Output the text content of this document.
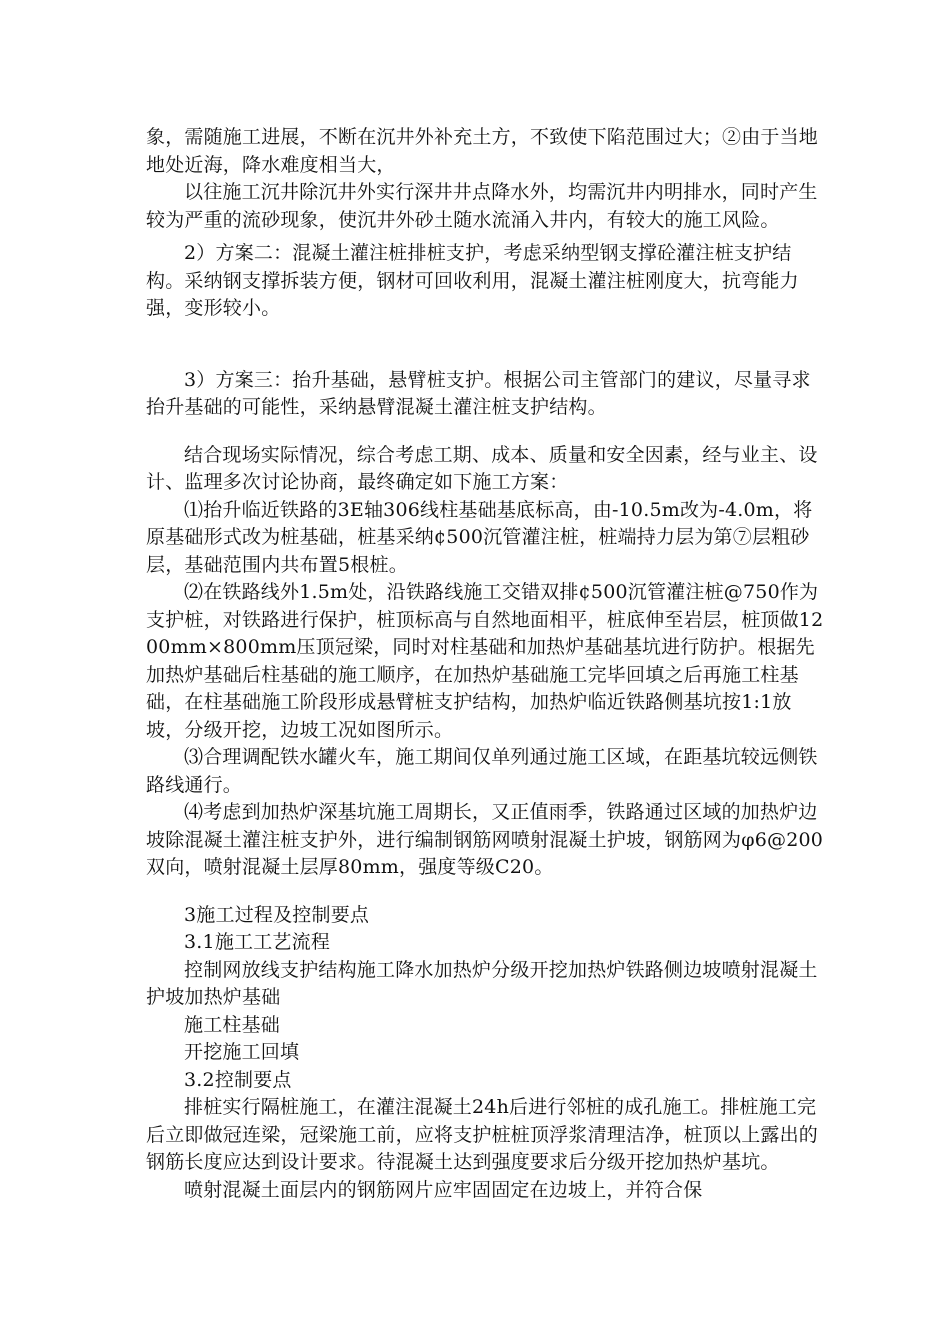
象，需随施工进展，不断在沉井外补充土方，不致使下陷范围过大；②由于当地地处近海，降水难度相当大，

以往施工沉井除沉井外实行深井井点降水外，均需沉井内明排水，同时产生较为严重的流砂现象，使沉井外砂土随水流涌入井内，有较大的施工风险。

2）方案二：混凝土灌注桩排桩支护，考虑采纳型钢支撑砼灌注桩支护结构。采纳钢支撑拆装方便，钢材可回收利用，混凝土灌注桩刚度大，抗弯能力强，变形较小。

3）方案三：抬升基础，悬臂桩支护。根据公司主管部门的建议，尽量寻求抬升基础的可能性，采纳悬臂混凝土灌注桩支护结构。

结合现场实际情况，综合考虑工期、成本、质量和安全因素，经与业主、设计、监理多次讨论协商，最终确定如下施工方案：

⑴抬升临近铁路的3E轴306线柱基础基底标高，由-10.5m改为-4.0m，将原基础形式改为桩基础，桩基采纳¢500沉管灌注桩，桩端持力层为第⑦层粗砂层，基础范围内共布置5根桩。

⑵在铁路线外1.5m处，沿铁路线施工交错双排¢500沉管灌注桩@750作为支护桩，对铁路进行保护，桩顶标高与自然地面相平，桩底伸至岩层，桩顶做1200mm×800mm压顶冠梁，同时对柱基础和加热炉基础基坑进行防护。根据先加热炉基础后柱基础的施工顺序，在加热炉基础施工完毕回填之后再施工柱基础，在柱基础施工阶段形成悬臂桩支护结构，加热炉临近铁路侧基坑按1:1放坡，分级开挖，边坡工况如图所示。

⑶合理调配铁水罐火车，施工期间仅单列通过施工区域，在距基坑较远侧铁路线通行。

⑷考虑到加热炉深基坑施工周期长，又正值雨季，铁路通过区域的加热炉边坡除混凝土灌注桩支护外，进行编制钢筋网喷射混凝土护坡，钢筋网为φ6@200双向，喷射混凝土层厚80mm，强度等级C20。

3施工过程及控制要点

3.1施工工艺流程

控制网放线支护结构施工降水加热炉分级开挖加热炉铁路侧边坡喷射混凝土护坡加热炉基础

施工柱基础

开挖施工回填

3.2控制要点

排桩实行隔桩施工，在灌注混凝土24h后进行邻桩的成孔施工。排桩施工完后立即做冠连梁，冠梁施工前，应将支护桩桩顶浮浆清理洁净，桩顶以上露出的钢筋长度应达到设计要求。待混凝土达到强度要求后分级开挖加热炉基坑。

喷射混凝土面层内的钢筋网片应牢固固定在边坡上，并符合保
